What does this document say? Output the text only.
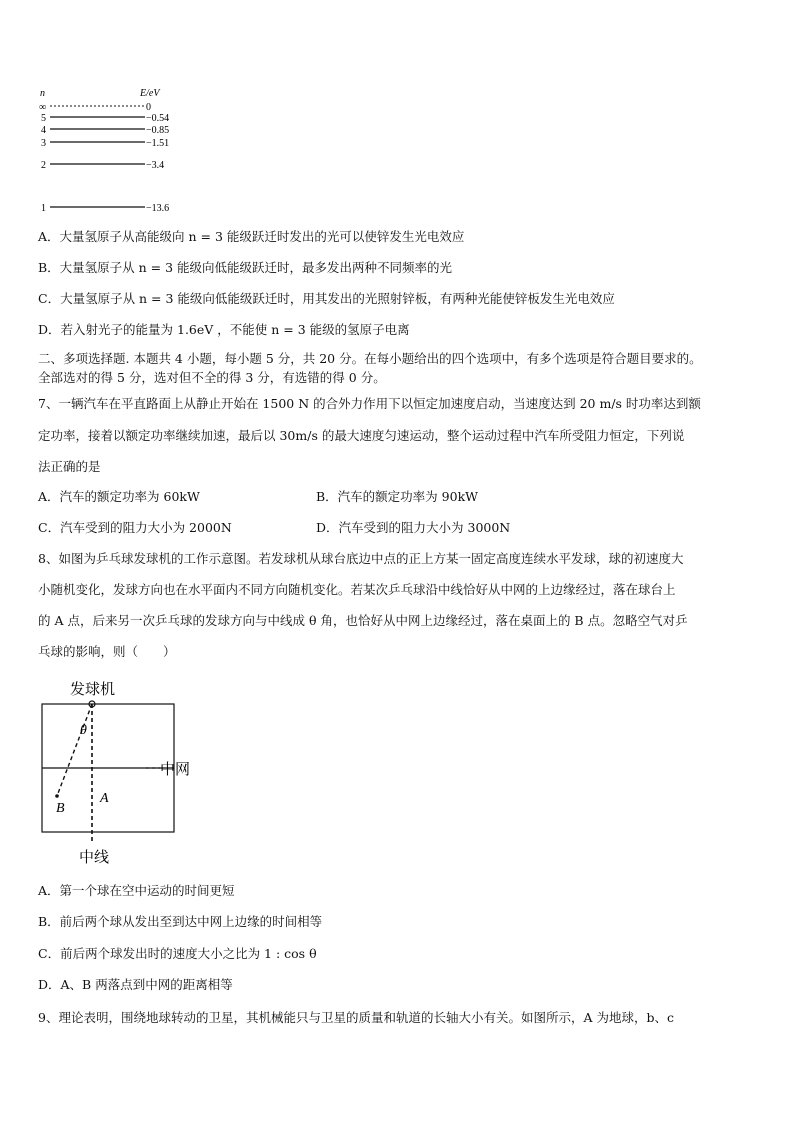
n	E/eV
∞	0
5	−0.54
4	−0.85
3	−1.51
2	−3.4
1	−13.6
A．大量氢原子从高能级向 n = 3 能级跃迁时发出的光可以使锌发生光电效应
B．大量氢原子从 n = 3 能级向低能级跃迁时，最多发出两种不同频率的光
C．大量氢原子从 n = 3 能级向低能级跃迁时，用其发出的光照射锌板，有两种光能使锌板发生光电效应
D．若入射光子的能量为 1.6eV ，不能使 n = 3 能级的氢原子电离
二、多项选择题. 本题共 4 小题，每小题 5 分，共 20 分。在每小题给出的四个选项中，有多个选项是符合题目要求的。
全部选对的得 5 分，选对但不全的得 3 分，有选错的得 0 分。
7、一辆汽车在平直路面上从静止开始在 1500 N 的合外力作用下以恒定加速度启动，当速度达到 20 m/s 时功率达到额
定功率，接着以额定功率继续加速，最后以 30m/s 的最大速度匀速运动，整个运动过程中汽车所受阻力恒定，下列说
法正确的是
A．汽车的额定功率为 60kW	B．汽车的额定功率为 90kW
C．汽车受到的阻力大小为 2000N	D．汽车受到的阻力大小为 3000N
8、如图为乒乓球发球机的工作示意图。若发球机从球台底边中点的正上方某一固定高度连续水平发球，球的初速度大
小随机变化，发球方向也在水平面内不同方向随机变化。若某次乒乓球沿中线恰好从中网的上边缘经过，落在球台上
的 A 点，后来另一次乒乓球的发球方向与中线成 θ 角，也恰好从中网上边缘经过，落在桌面上的 B 点。忽略空气对乒
乓球的影响，则（　　）
发球机
中网
θ
A
B
中线
A．第一个球在空中运动的时间更短
B．前后两个球从发出至到达中网上边缘的时间相等
C．前后两个球发出时的速度大小之比为 1 : cos θ
D．A、B 两落点到中网的距离相等
9、理论表明，围绕地球转动的卫星，其机械能只与卫星的质量和轨道的长轴大小有关。如图所示，A 为地球，b、c
